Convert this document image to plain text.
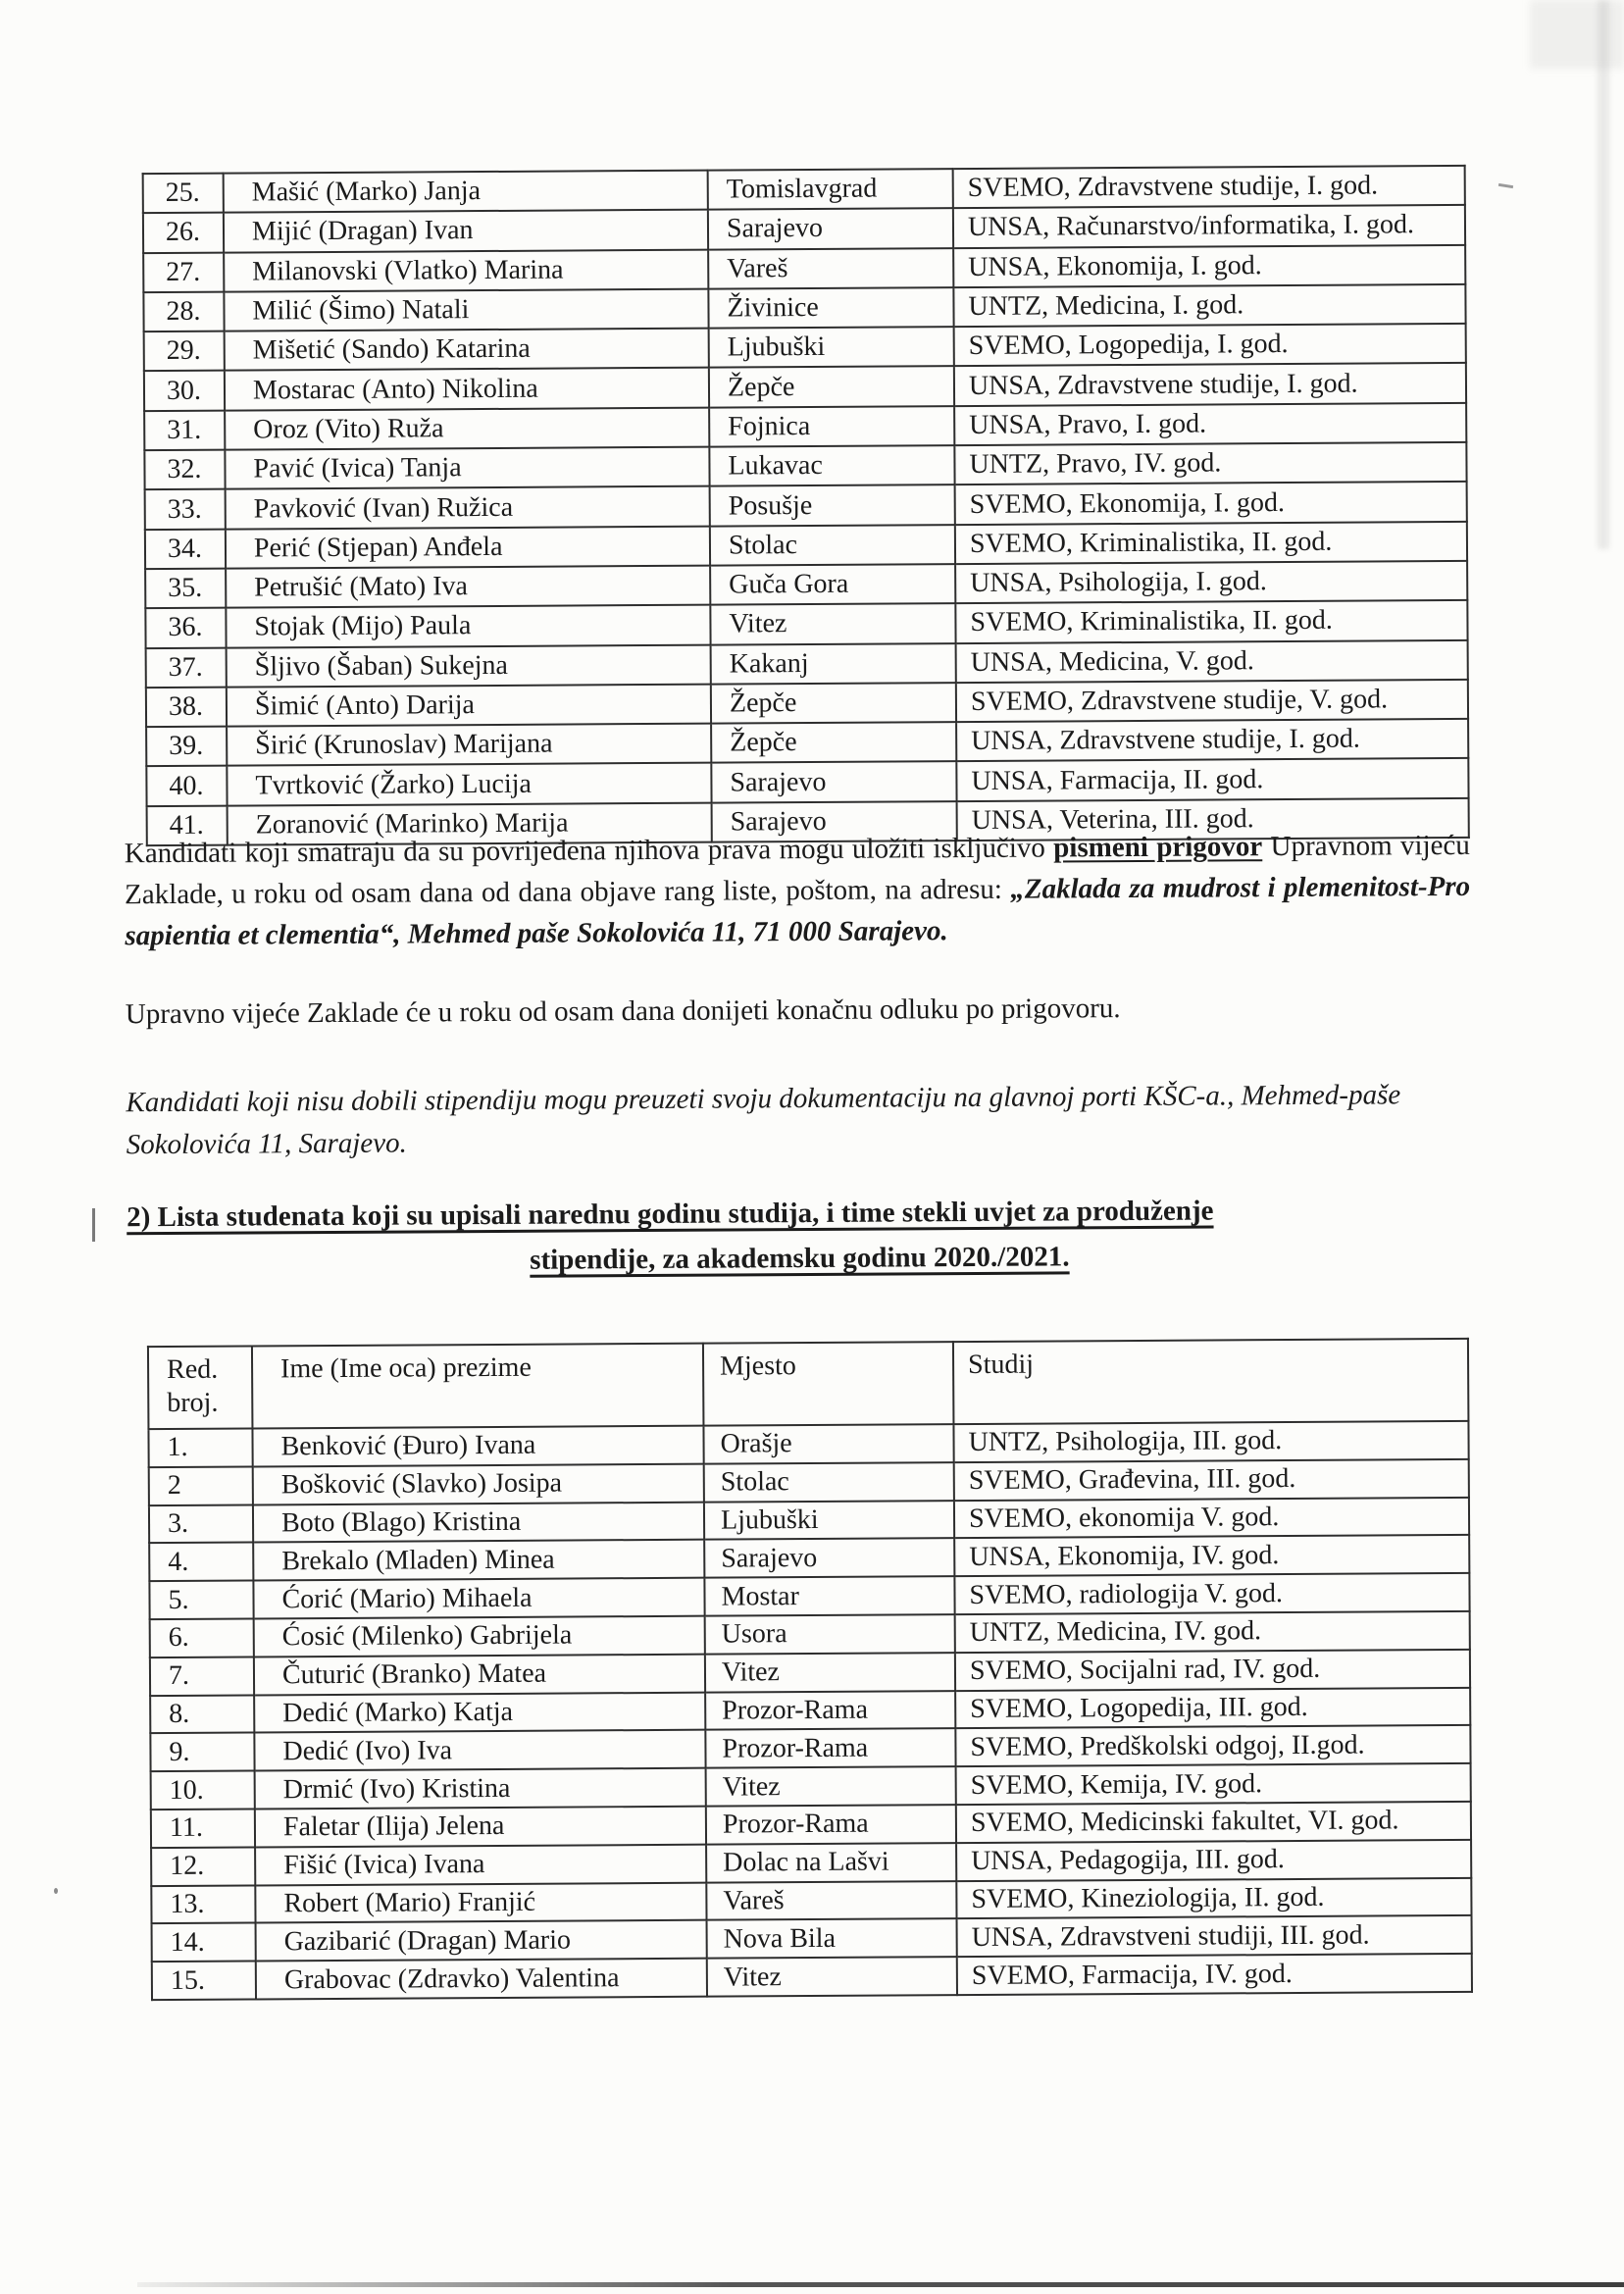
25.	Mašić (Marko) Janja	Tomislavgrad	SVEMO, Zdravstvene studije, I. god.
26.	Mijić (Dragan) Ivan	Sarajevo	UNSA, Računarstvo/informatika, I. god.
27.	Milanovski (Vlatko) Marina	Vareš	UNSA, Ekonomija, I. god.
28.	Milić (Šimo) Natali	Živinice	UNTZ, Medicina, I. god.
29.	Mišetić (Sando) Katarina	Ljubuški	SVEMO, Logopedija, I. god.
30.	Mostarac (Anto) Nikolina	Žepče	UNSA, Zdravstvene studije, I. god.
31.	Oroz (Vito) Ruža	Fojnica	UNSA, Pravo, I. god.
32.	Pavić (Ivica) Tanja	Lukavac	UNTZ, Pravo, IV. god.
33.	Pavković (Ivan) Ružica	Posušje	SVEMO, Ekonomija, I. god.
34.	Perić (Stjepan) Anđela	Stolac	SVEMO, Kriminalistika, II. god.
35.	Petrušić (Mato) Iva	Guča Gora	UNSA, Psihologija, I. god.
36.	Stojak (Mijo) Paula	Vitez	SVEMO, Kriminalistika, II. god.
37.	Šljivo (Šaban) Sukejna	Kakanj	UNSA, Medicina, V. god.
38.	Šimić (Anto) Darija	Žepče	SVEMO, Zdravstvene studije, V. god.
39.	Širić (Krunoslav) Marijana	Žepče	UNSA, Zdravstvene studije, I. god.
40.	Tvrtković (Žarko) Lucija	Sarajevo	UNSA, Farmacija, II. god.
41.	Zoranović (Marinko) Marija	Sarajevo	UNSA, Veterina, III. god.
Kandidati koji smatraju da su povrijeđena njihova prava mogu uložiti isključivo pismeni prigovor Upravnom vijeću Zaklade, u roku od osam dana od dana objave rang liste, poštom, na adresu: „Zaklada za mudrost i plemenitost-Pro sapientia et clementia“, Mehmed paše Sokolovića 11, 71 000 Sarajevo.
Upravno vijeće Zaklade će u roku od osam dana donijeti konačnu odluku po prigovoru.
Kandidati koji nisu dobili stipendiju mogu preuzeti svoju dokumentaciju na glavnoj porti KŠC-a., Mehmed-paše Sokolovića 11, Sarajevo.
2) Lista studenata koji su upisali narednu godinu studija, i time stekli uvjet za produženje
stipendije, za akademsku godinu 2020./2021.
Red.
broj.	Ime (Ime oca) prezime	Mjesto	Studij
1.	Benković (Đuro) Ivana	Orašje	UNTZ, Psihologija, III. god.
2	Bošković (Slavko) Josipa	Stolac	SVEMO, Građevina, III. god.
3.	Boto (Blago) Kristina	Ljubuški	SVEMO, ekonomija V. god.
4.	Brekalo (Mladen) Minea	Sarajevo	UNSA, Ekonomija, IV. god.
5.	Ćorić (Mario) Mihaela	Mostar	SVEMO, radiologija V. god.
6.	Ćosić (Milenko) Gabrijela	Usora	UNTZ, Medicina, IV. god.
7.	Čuturić (Branko) Matea	Vitez	SVEMO, Socijalni rad, IV. god.
8.	Dedić (Marko) Katja	Prozor-Rama	SVEMO, Logopedija, III. god.
9.	Dedić (Ivo) Iva	Prozor-Rama	SVEMO, Predškolski odgoj, II.god.
10.	Drmić (Ivo) Kristina	Vitez	SVEMO, Kemija, IV. god.
11.	Faletar (Ilija) Jelena	Prozor-Rama	SVEMO, Medicinski fakultet, VI. god.
12.	Fišić (Ivica) Ivana	Dolac na Lašvi	UNSA, Pedagogija, III. god.
13.	Robert (Mario) Franjić	Vareš	SVEMO, Kineziologija, II. god.
14.	Gazibarić (Dragan) Mario	Nova Bila	UNSA, Zdravstveni studiji, III. god.
15.	Grabovac (Zdravko) Valentina	Vitez	SVEMO, Farmacija, IV. god.
